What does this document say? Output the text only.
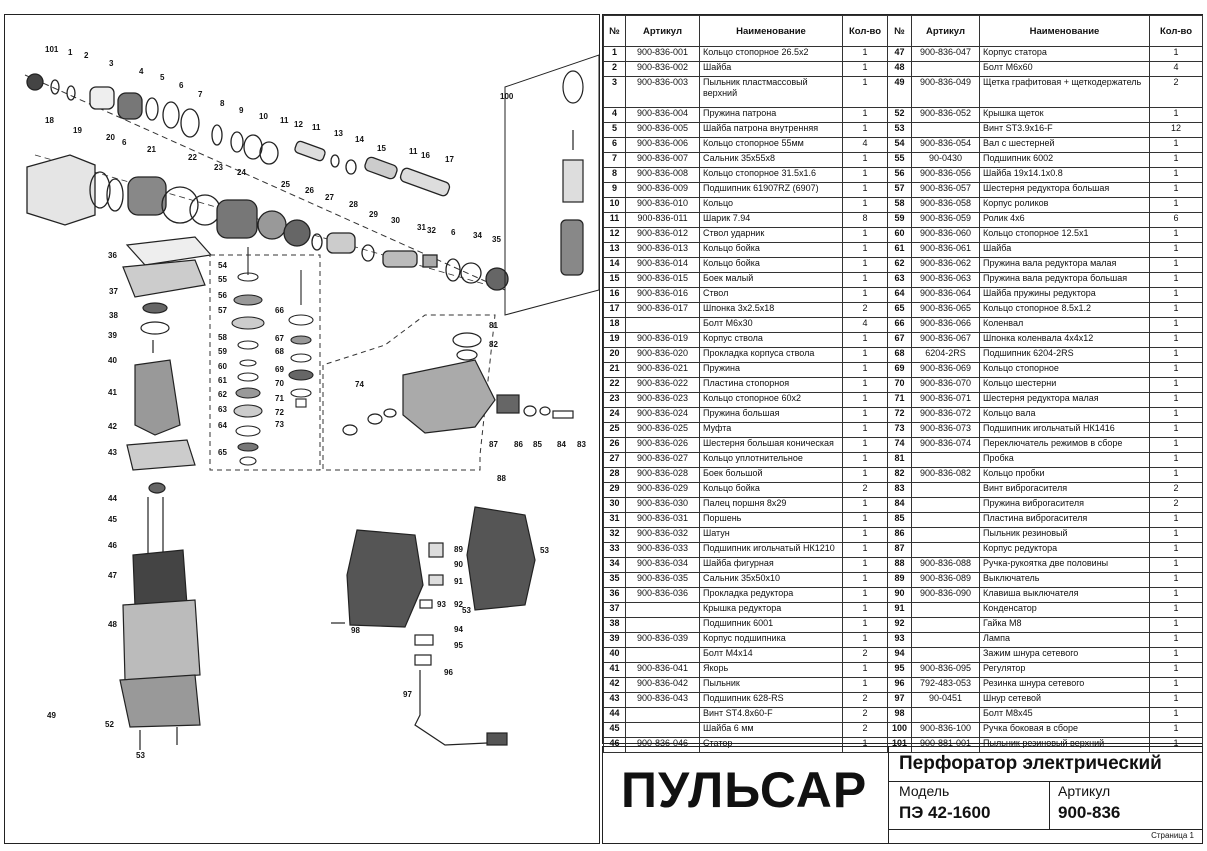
101 1 2
3
4
5
6
7
8
9
10 11 12 11
13
14
15	11 16 17
18
19
20
6
21
22
23
24
25
26
27
28
29
30
31 32 6 34 35
100
36
37
38
39
40
41
42
43
44
45
46
47
48
49
52
53
54
55
56
57
58
59
60
61
62
63
64
65
66
67
68
69
70
71
72
73
74
81
82
83
84
85
86
87
88
89
90
91
92
93
94
95
96
97
98
53
53
№	Артикул	Наименование	Кол-во	№	Артикул	Наименование	Кол-во
1	900-836-001	Кольцо стопорное 26.5х2	1	47	900-836-047	Корпус статора	1
2	900-836-002	Шайба	1	48		Болт М6х60	4
3	900-836-003	Пыльник пластмассовый верхний	1	49	900-836-049	Щетка графитовая + щеткодержатель	2
4	900-836-004	Пружина патрона	1	52	900-836-052	Крышка щеток	1
5	900-836-005	Шайба патрона внутренняя	1	53		Винт ST3.9х16-F	12
6	900-836-006	Кольцо стопорное 55мм	4	54	900-836-054	Вал с шестерней	1
7	900-836-007	Сальник 35х55х8	1	55	90-0430	Подшипник 6002	1
8	900-836-008	Кольцо стопорное 31.5х1.6	1	56	900-836-056	Шайба 19х14.1х0.8	1
9	900-836-009	Подшипник 61907RZ (6907)	1	57	900-836-057	Шестерня редуктора большая	1
10	900-836-010	Кольцо	1	58	900-836-058	Корпус роликов	1
11	900-836-011	Шарик 7.94	8	59	900-836-059	Ролик 4х6	6
12	900-836-012	Ствол ударник	1	60	900-836-060	Кольцо стопорное 12.5х1	1
13	900-836-013	Кольцо бойка	1	61	900-836-061	Шайба	1
14	900-836-014	Кольцо бойка	1	62	900-836-062	Пружина вала редуктора малая	1
15	900-836-015	Боек малый	1	63	900-836-063	Пружина вала редуктора большая	1
16	900-836-016	Ствол	1	64	900-836-064	Шайба пружины редуктора	1
17	900-836-017	Шпонка 3х2.5х18	2	65	900-836-065	Кольцо стопорное 8.5х1.2	1
18		Болт М6х30	4	66	900-836-066	Коленвал	1
19	900-836-019	Корпус ствола	1	67	900-836-067	Шпонка коленвала 4х4х12	1
20	900-836-020	Прокладка корпуса ствола	1	68	6204-2RS	Подшипник 6204-2RS	1
21	900-836-021	Пружина	1	69	900-836-069	Кольцо стопорное	1
22	900-836-022	Пластина стопорноя	1	70	900-836-070	Кольцо шестерни	1
23	900-836-023	Кольцо стопорное 60х2	1	71	900-836-071	Шестерня редуктора малая	1
24	900-836-024	Пружина большая	1	72	900-836-072	Кольцо вала	1
25	900-836-025	Муфта	1	73	900-836-073	Подшипник игольчатый НК1416	1
26	900-836-026	Шестерня большая коническая	1	74	900-836-074	Переключатель режимов в сборе	1
27	900-836-027	Кольцо уплотнительное	1	81		Пробка	1
28	900-836-028	Боек большой	1	82	900-836-082	Кольцо пробки	1
29	900-836-029	Кольцо бойка	2	83		Винт виброгасителя	2
30	900-836-030	Палец поршня 8х29	1	84		Пружина виброгасителя	2
31	900-836-031	Поршень	1	85		Пластина виброгасителя	1
32	900-836-032	Шатун	1	86		Пыльник резиновый	1
33	900-836-033	Подшипник игольчатый НК1210	1	87		Корпус редуктора	1
34	900-836-034	Шайба фигурная	1	88	900-836-088	Ручка-рукоятка две половины	1
35	900-836-035	Сальник 35х50х10	1	89	900-836-089	Выключатель	1
36	900-836-036	Прокладка редуктора	1	90	900-836-090	Клавиша выключателя	1
37		Крышка редуктора	1	91		Конденсатор	1
38		Подшипник 6001	1	92		Гайка М8	1
39	900-836-039	Корпус подшипника	1	93		Лампа	1
40		Болт М4х14	2	94		Зажим шнура сетевого	1
41	900-836-041	Якорь	1	95	900-836-095	Регулятор	1
42	900-836-042	Пыльник	1	96	792-483-053	Резинка шнура сетевого	1
43	900-836-043	Подшипник 628-RS	2	97	90-0451	Шнур сетевой	1
44		Винт ST4.8х60-F	2	98		Болт М8х45	1
45		Шайба 6 мм	2	100	900-836-100	Ручка боковая в сборе	1
46	900-836-046	Статор	1	101	900-881-001	Пыльник резиновый верхний	1
ПУЛЬСАР	Перфоратор электрический
Модель
ПЭ 42-1600
Артикул
900-836
Страница 1
